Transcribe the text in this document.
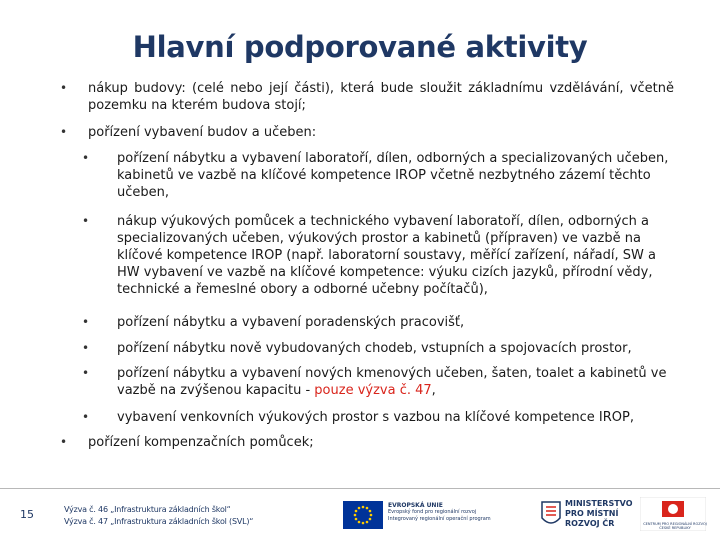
Hlavní podporované aktivity
• nákup budovy: (celé nebo její části), která bude sloužit základnímu vzdělávání, včetně pozemku na kterém budova stojí;
• pořízení vybavení budov a učeben:
• pořízení nábytku a vybavení laboratoří, dílen, odborných a specializovaných učeben, kabinetů ve vazbě na klíčové kompetence IROP včetně nezbytného zázemí těchto učeben,
• nákup výukových pomůcek a technického vybavení laboratoří, dílen, odborných a specializovaných učeben, výukových prostor a kabinetů (přípraven) ve vazbě na klíčové kompetence IROP (např. laboratorní soustavy, měřící zařízení, nářadí, SW a HW vybavení ve vazbě na klíčové kompetence: výuku cizích jazyků, přírodní vědy, technické a řemeslné obory a odborné učebny počítačů),
• pořízení nábytku a vybavení poradenských pracovišť,
• pořízení nábytku nově vybudovaných chodeb, vstupních a spojovacích prostor,
• pořízení nábytku a vybavení nových kmenových učeben, šaten, toalet a kabinetů ve vazbě na zvýšenou kapacitu - pouze výzva č. 47,
• vybavení venkovních výukových prostor s vazbou na klíčové kompetence IROP,
• pořízení kompenzačních pomůcek;
15	Výzva č. 46 „Infrastruktura základních škol“
Výzva č. 47 „Infrastruktura základních škol (SVL)“
EVROPSKÁ UNIE
Evropský fond pro regionální rozvoj
Integrovaný regionální operační program
MINISTERSTVO
PRO MÍSTNÍ
ROZVOJ ČR	CENTRUM PRO REGIONÁLNÍ ROZVOJ
ČESKÉ REPUBLIKY
